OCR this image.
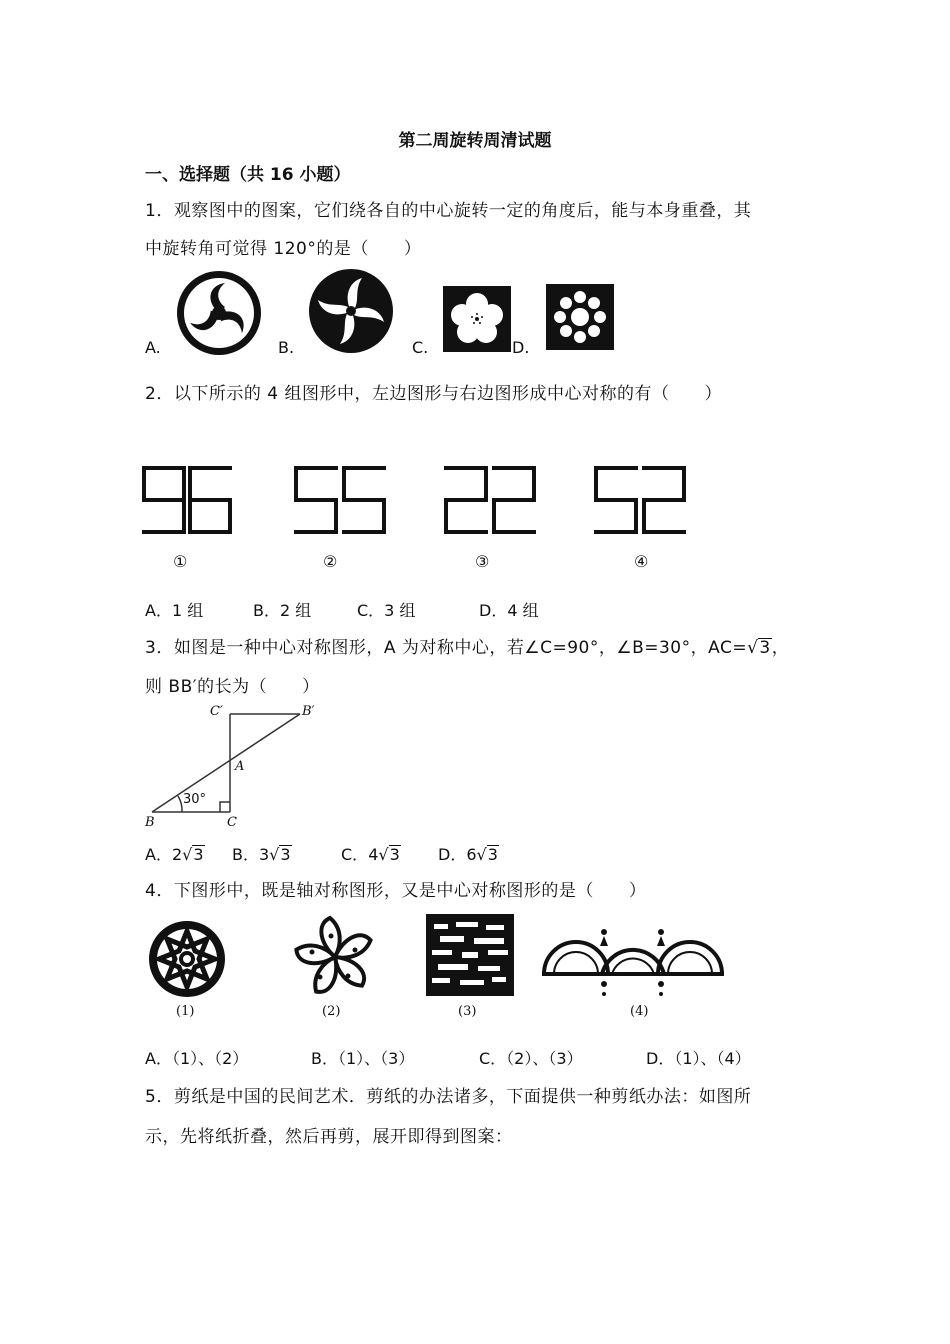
第二周旋转周清试题
一、选择题（共 16 小题）
1．观察图中的图案，它们绕各自的中心旋转一定的角度后，能与本身重叠，其
中旋转角可觉得 120°的是（　　）
A.	B.	C.	D.
2．以下所示的 4 组图形中，左边图形与右边图形成中心对称的有（　　）
①	②	③	④
A．1 组	B．2 组	C．3 组	D．4 组
3．如图是一种中心对称图形，A 为对称中心，若∠C=90°，∠B=30°，AC=√3，
则 BB′的长为（　　）
C′	B′
A
B	C
30°
A．2√3 B．3√3	C．4√3 D．6√3
4．下图形中，既是轴对称图形，又是中心对称图形的是（　　）
(1)	(2)	(3)	(4)
A．（1）、（2）	B．（1）、（3）	C．（2）、（3）	D．（1）、（4）
5．剪纸是中国的民间艺术．剪纸的办法诸多，下面提供一种剪纸办法：如图所
示，先将纸折叠，然后再剪，展开即得到图案：
